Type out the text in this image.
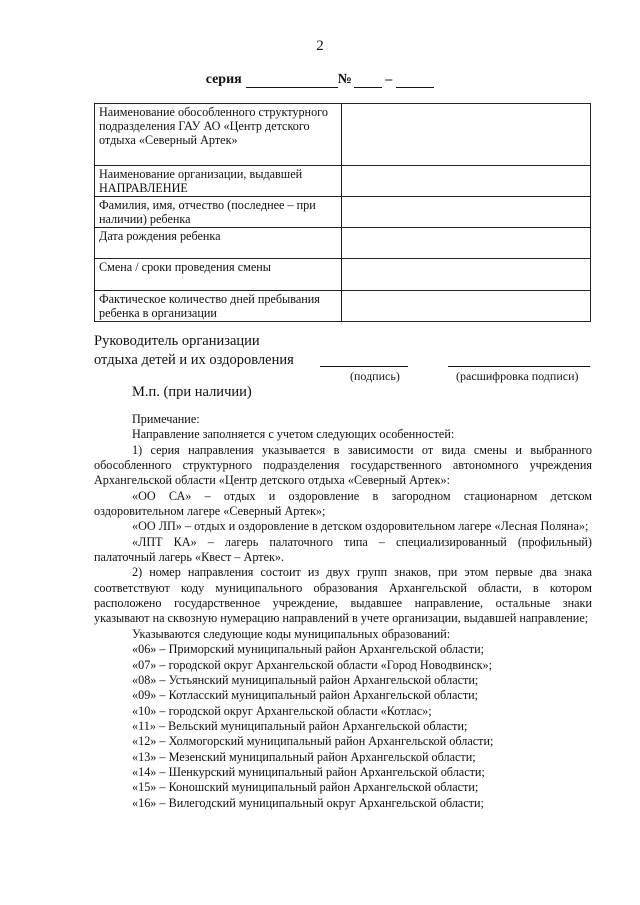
2
серия	№ –
Наименование обособленного структурного подразделения ГАУ АО «Центр детского отдыха «Северный Артек»	
Наименование организации, выдавшей НАПРАВЛЕНИЕ	
Фамилия, имя, отчество (последнее – при наличии) ребенка	
Дата рождения ребенка	
Смена / сроки проведения смены	
Фактическое количество дней пребывания ребенка в организации	
Руководитель организации
отдыха детей и их оздоровления
(подпись)	(расшифровка подписи)
М.п. (при наличии)

Примечание:

Направление заполняется с учетом следующих особенностей:

1) серия направления указывается в зависимости от вида смены и выбранного обособленного структурного подразделения государственного автономного учреждения Архангельской области «Центр детского отдыха «Северный Артек»:

«ОО СА» – отдых и оздоровление в загородном стационарном детском оздоровительном лагере «Северный Артек»;

«ОО ЛП» – отдых и оздоровление в детском оздоровительном лагере «Лесная Поляна»;

«ЛПТ КА» – лагерь палаточного типа – специализированный (профильный) палаточный лагерь «Квест – Артек».

2) номер направления состоит из двух групп знаков, при этом первые два знака соответствуют коду муниципального образования Архангельской области, в котором расположено государственное учреждение, выдавшее направление, остальные знаки указывают на сквозную нумерацию направлений в учете организации, выдавшей направление;

Указываются следующие коды муниципальных образований:

«06» – Приморский муниципальный район Архангельской области;

«07» – городской округ Архангельской области «Город Новодвинск»;

«08» – Устьянский муниципальный район Архангельской области;

«09» – Котласский муниципальный район Архангельской области;

«10» – городской округ Архангельской области «Котлас»;

«11» – Вельский муниципальный район Архангельской области;

«12» – Холмогорский муниципальный район Архангельской области;

«13» – Мезенский муниципальный район Архангельской области;

«14» – Шенкурский муниципальный район Архангельской области;

«15» – Коношский муниципальный район Архангельской области;

«16» – Вилегодский муниципальный округ Архангельской области;
